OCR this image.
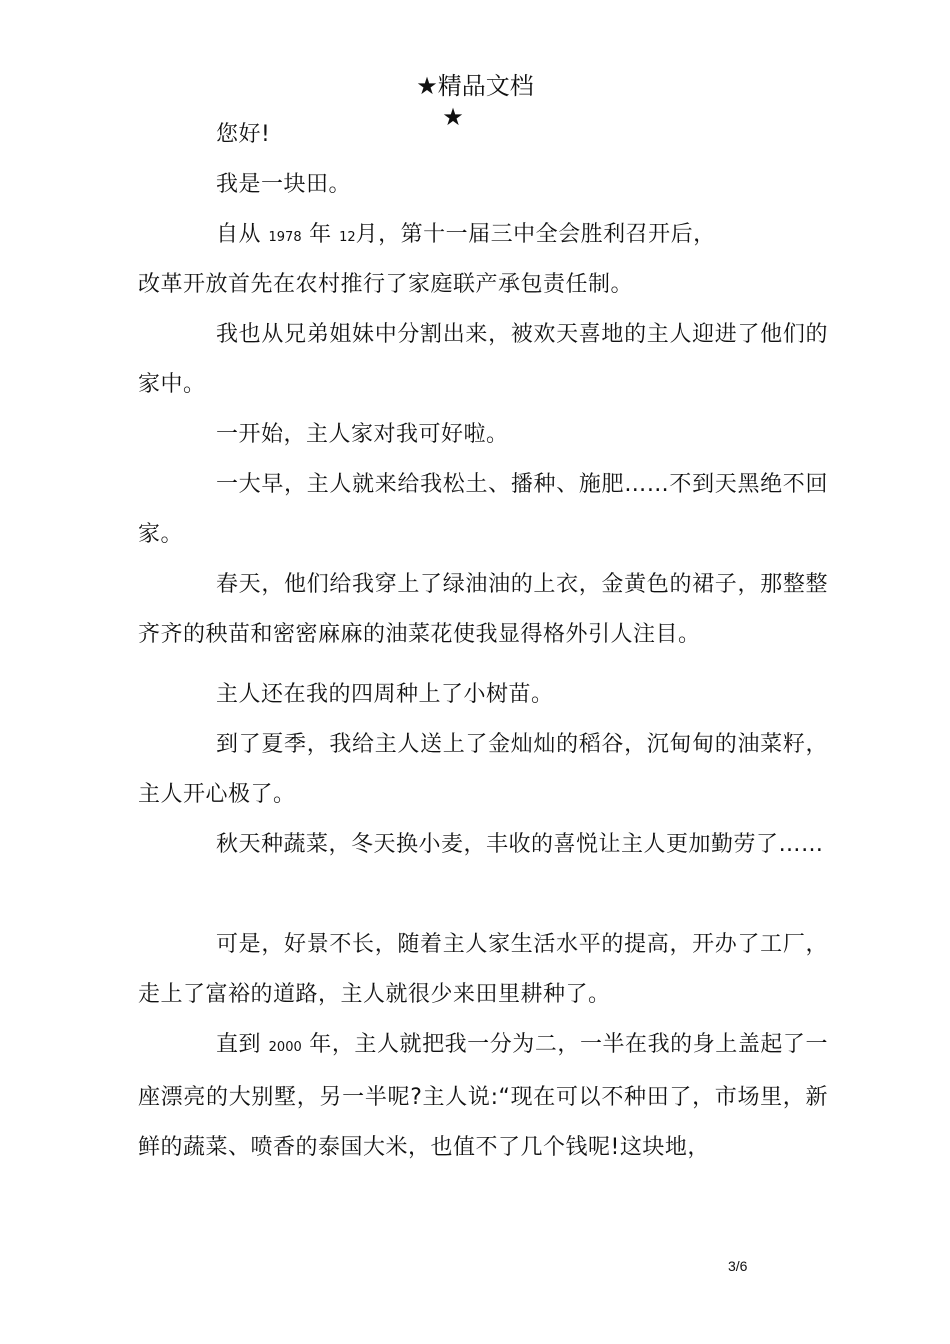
★精品文档
★

您好!

我是一块田。

自从 1978 年 12月，第十一届三中全会胜利召开后，

改革开放首先在农村推行了家庭联产承包责任制。

我也从兄弟姐妹中分割出来，被欢天喜地的主人迎进了他们的家中。

一开始，主人家对我可好啦。

一大早，主人就来给我松土、播种、施肥……不到天黑绝不回家。

春天，他们给我穿上了绿油油的上衣，金黄色的裙子，那整整齐齐的秧苗和密密麻麻的油菜花使我显得格外引人注目。

主人还在我的四周种上了小树苗。

到了夏季，我给主人送上了金灿灿的稻谷，沉甸甸的油菜籽，主人开心极了。

秋天种蔬菜，冬天换小麦，丰收的喜悦让主人更加勤劳了……

可是，好景不长，随着主人家生活水平的提高，开办了工厂，走上了富裕的道路，主人就很少来田里耕种了。

直到 2000 年，主人就把我一分为二，一半在我的身上盖起了一座漂亮的大别墅，另一半呢?主人说:“现在可以不种田了，市场里，新鲜的蔬菜、喷香的泰国大米，也值不了几个钱呢!这块地，

3/6
